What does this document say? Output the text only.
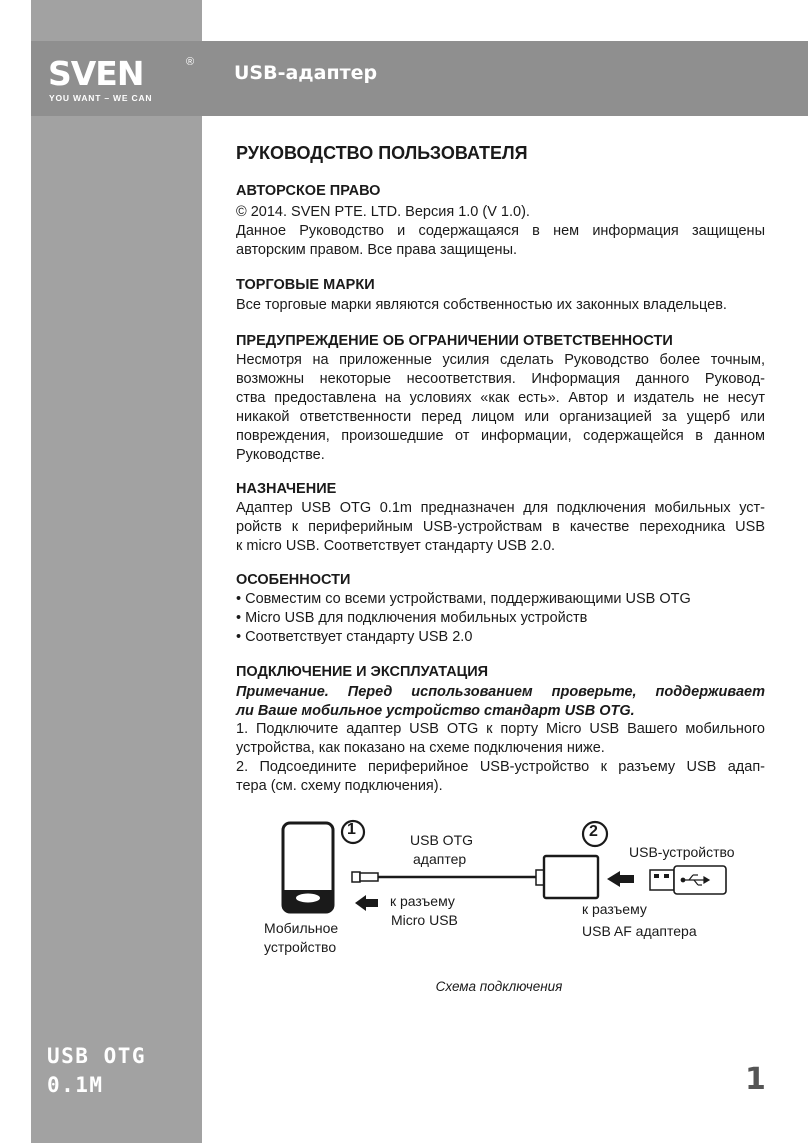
SVEN	®
YOU WANT – WE CAN
USB-адаптер
РУКОВОДСТВО ПОЛЬЗОВАТЕЛЯ
АВТОРСКОЕ ПРАВО
© 2014. SVEN PTE. LTD. Версия 1.0 (V 1.0).
Данное Руководство и содержащаяся в нем информация защищены
авторским правом. Все права защищены.
ТОРГОВЫЕ МАРКИ
Все торговые марки являются собственностью их законных владельцев.
ПРЕДУПРЕЖДЕНИЕ ОБ ОГРАНИЧЕНИИ ОТВЕТСТВЕННОСТИ
Несмотря на приложенные усилия сделать Руководство более точным,
возможны некоторые несоответствия. Информация данного Руковод-
ства предоставлена на условиях «как есть». Автор и издатель не несут
никакой ответственности перед лицом или организацией за ущерб или
повреждения, произошедшие от информации, содержащейся в данном
Руководстве.
НАЗНАЧЕНИЕ
Адаптер USB OTG 0.1m предназначен для подключения мобильных уст-
ройств к периферийным USB-устройствам в качестве переходника USB
к micro USB. Соответствует стандарту USB 2.0.
ОСОБЕННОСТИ
• Совместим со всеми устройствами, поддерживающими USB OTG
• Micro USB для подключения мобильных устройств
• Соответствует стандарту USB 2.0
ПОДКЛЮЧЕНИЕ И ЭКСПЛУАТАЦИЯ
Примечание. Перед использованием проверьте, поддерживает
ли Ваше мобильное устройство стандарт USB OTG.
1. Подключите адаптер USB OTG к порту Micro USB Вашего мобильного
устройства, как показано на схеме подключения ниже.
2. Подсоедините периферийное USB-устройство к разъему USB адап-
тера (см. схему подключения).
1	2
USB OTG
адаптер
к разъему
Micro USB
Мобильное
устройство
USB-устройство
к разъему
USB AF адаптера
Схема подключения
USB OTG
0.1M	1
